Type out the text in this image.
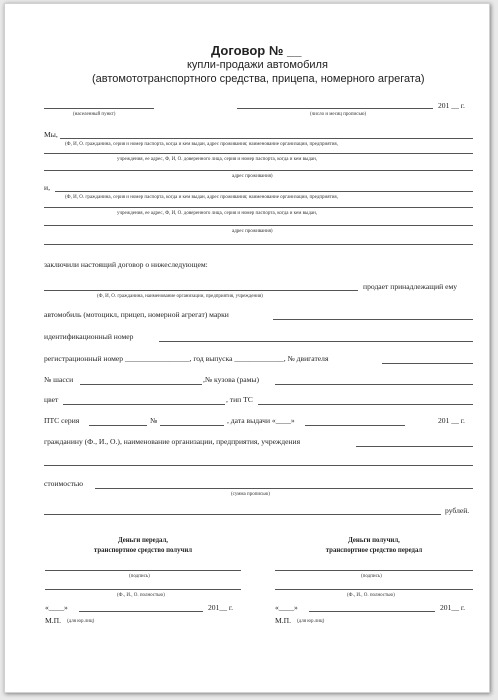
Договор № __
купли-продажи автомобиля
(автомототранспортного средства, прицепа, номерного агрегата)
201 __ г.
(населенный пункт)	(число и месяц прописью)
Мы,
(Ф, И, О. гражданина, серия и номер паспорта, когда и кем выдан, адрес проживания; наименование организации, предприятия,
учреждения, ее адрес, Ф, И, О. доверенного лица, серия и номер паспорта, когда и кем выдан,
адрес проживания)
и,
(Ф, И, О. гражданина, серия и номер паспорта, когда и кем выдан, адрес проживания; наименование организации, предприятия,
учреждения, ее адрес, Ф, И, О. доверенного лица, серия и номер паспорта, когда и кем выдан,
адрес проживания)
заключили настоящий договор о нижеследующем:
продает принадлежащий ему
(Ф, И, О. гражданина, наименование организации, предприятия, учреждения)
автомобиль (мотоцикл, прицеп, номерной агрегат) марки
идентификационный номер
регистрационный номер _________________, год выпуска _____________, № двигателя
№ шасси	,№ кузова (рамы)
цвет	, тип ТС
ПТС серия	№	, дата выдачи «____»	201 __ г.
гражданину (Ф., И., О.), наименование организации, предприятия, учреждения
стоимостью
(сумма прописью)
рублей.
Деньги передал,
транспортное средство получил
(подпись)
(Ф., И., О. полностью)
«____»	201__ г.
М.П. (для юр.лиц)
Деньги получил,
транспортное средство передал
(подпись)
(Ф., И., О. полностью)
«____»	201__ г.
М.П. (для юр.лиц)
